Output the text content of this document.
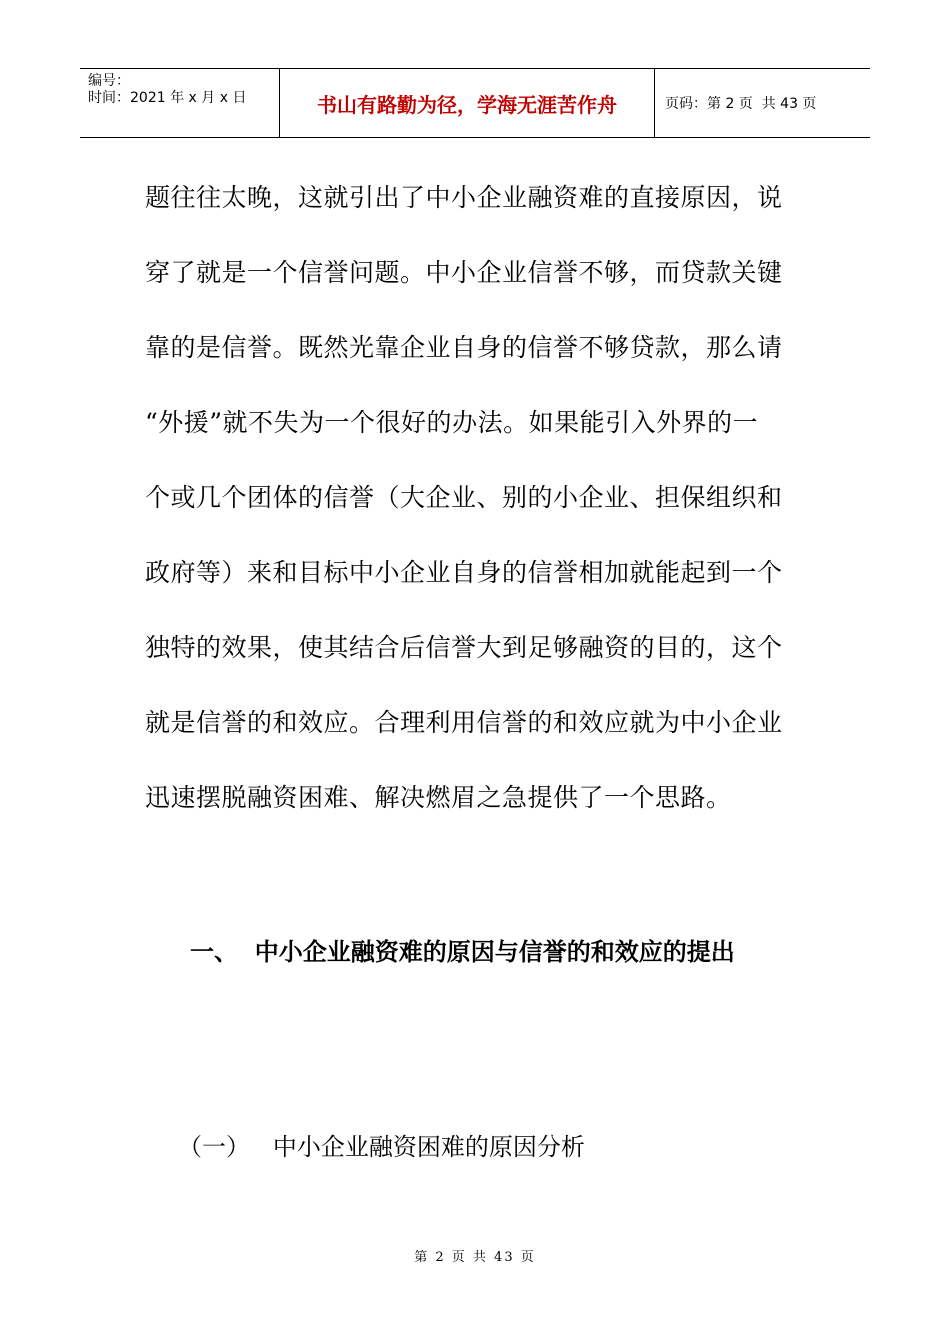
编号：
时间：2021 年 x 月 x 日	书山有路勤为径，学海无涯苦作舟	页码：第 2 页  共 43 页

题往往太晚，这就引出了中小企业融资难的直接原因，说

穿了就是一个信誉问题。中小企业信誉不够，而贷款关键

靠的是信誉。既然光靠企业自身的信誉不够贷款，那么请

“外援”就不失为一个很好的办法。如果能引入外界的一

个或几个团体的信誉（大企业、别的小企业、担保组织和

政府等）来和目标中小企业自身的信誉相加就能起到一个

独特的效果，使其结合后信誉大到足够融资的目的，这个

就是信誉的和效应。合理利用信誉的和效应就为中小企业

迅速摆脱融资困难、解决燃眉之急提供了一个思路。

一、  中小企业融资难的原因与信誉的和效应的提出
（一）   中小企业融资困难的原因分析
第 2 页 共 43 页
